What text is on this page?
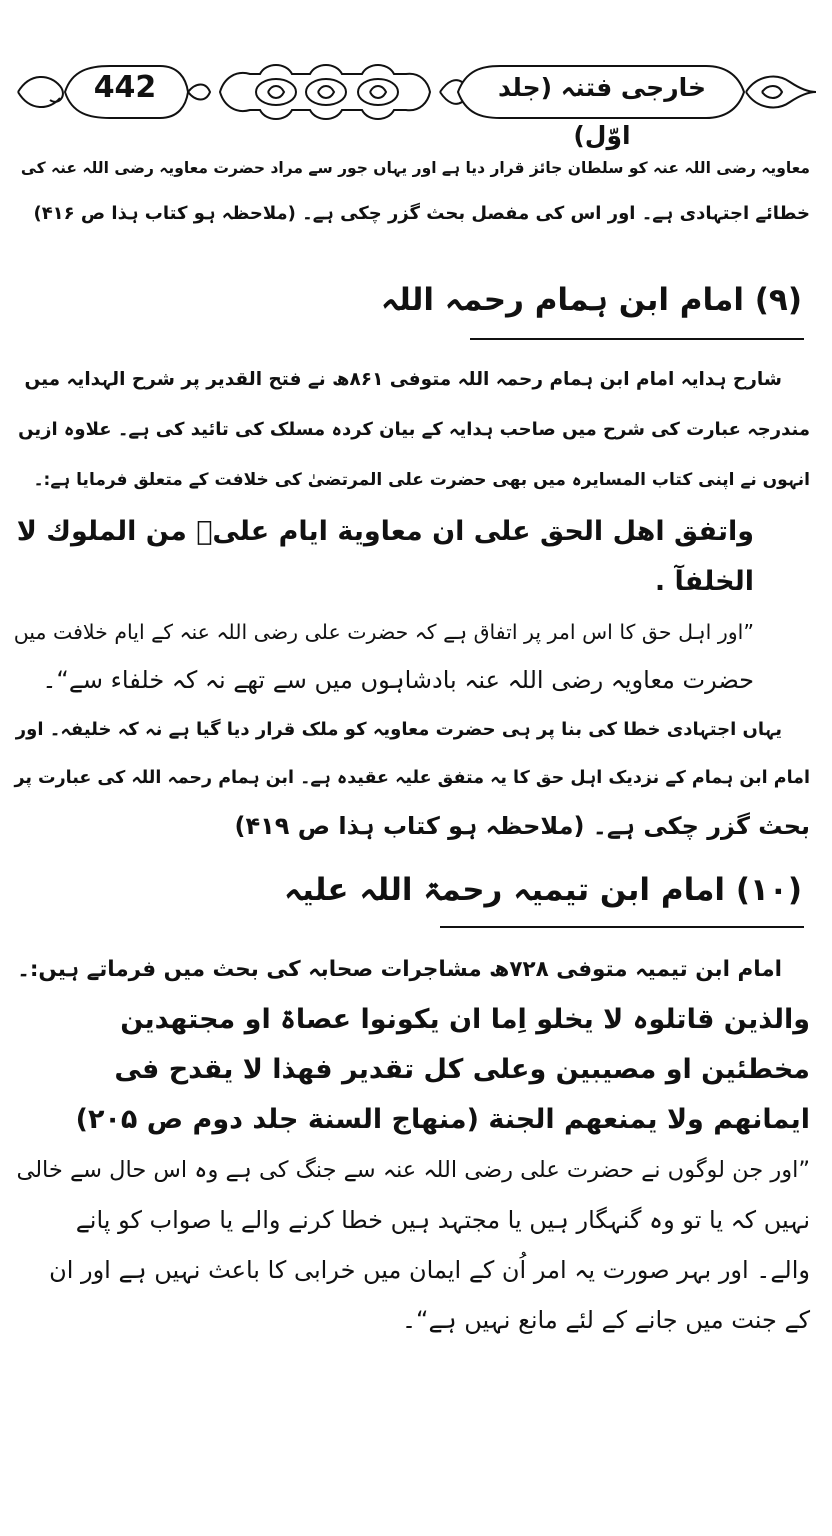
442	خارجی فتنہ (جلد اوّل)
معاویہ رضی اللہ عنہ کو سلطان جائز قرار دیا ہے اور یہاں جور سے مراد حضرت معاویہ رضی اللہ عنہ کی
خطائے اجتہادی ہے۔ اور اس کی مفصل بحث گزر چکی ہے۔ (ملاحظہ ہو کتاب ہذا ص ۴۱۶)
(۹) امام ابن ہمام رحمہ اللہ
شارح ہدایہ امام ابن ہمام رحمہ اللہ متوفی ۸۶۱ھ نے فتح القدیر پر شرح الہدایہ میں
مندرجہ عبارت کی شرح میں صاحب ہدایہ کے بیان کردہ مسلک کی تائید کی ہے۔ علاوہ ازیں
انہوں نے اپنی کتاب المسایرہ میں بھی حضرت علی المرتضیٰ کی خلافت کے متعلق فرمایا ہے:۔
واتفق اهل الحق علی ان معاوية ايام علیؓ من الملوك لا
الخلفآ .
”اور اہل حق کا اس امر پر اتفاق ہے کہ حضرت علی رضی اللہ عنہ کے ایام خلافت میں
حضرت معاویہ رضی اللہ عنہ بادشاہوں میں سے تھے نہ کہ خلفاء سے“۔
یہاں اجتہادی خطا کی بنا پر ہی حضرت معاویہ کو ملک قرار دیا گیا ہے نہ کہ خلیفہ۔ اور
امام ابن ہمام کے نزدیک اہل حق کا یہ متفق علیہ عقیدہ ہے۔ ابن ہمام رحمہ اللہ کی عبارت پر
بحث گزر چکی ہے۔ (ملاحظہ ہو کتاب ہذا ص ۴۱۹)
(۱۰) امام ابن تیمیہ رحمۃ اللہ علیہ
امام ابن تیمیہ متوفی ۷۲۸ھ مشاجرات صحابہ کی بحث میں فرماتے ہیں:۔
والذین قاتلوہ لا یخلو اِما ان یکونوا عصاۃ او مجتهدین
مخطئین او مصیبین وعلی کل تقدیر فهذا لا یقدح فی
ایمانهم ولا یمنعهم الجنة (منهاج السنة جلد دوم ص ۲۰۵)
”اور جن لوگوں نے حضرت علی رضی اللہ عنہ سے جنگ کی ہے وہ اس حال سے خالی
نہیں کہ یا تو وہ گنہگار ہیں یا مجتہد ہیں خطا کرنے والے یا صواب کو پانے
والے۔ اور بہر صورت یہ امر اُن کے ایمان میں خرابی کا باعث نہیں ہے اور ان
کے جنت میں جانے کے لئے مانع نہیں ہے“۔
